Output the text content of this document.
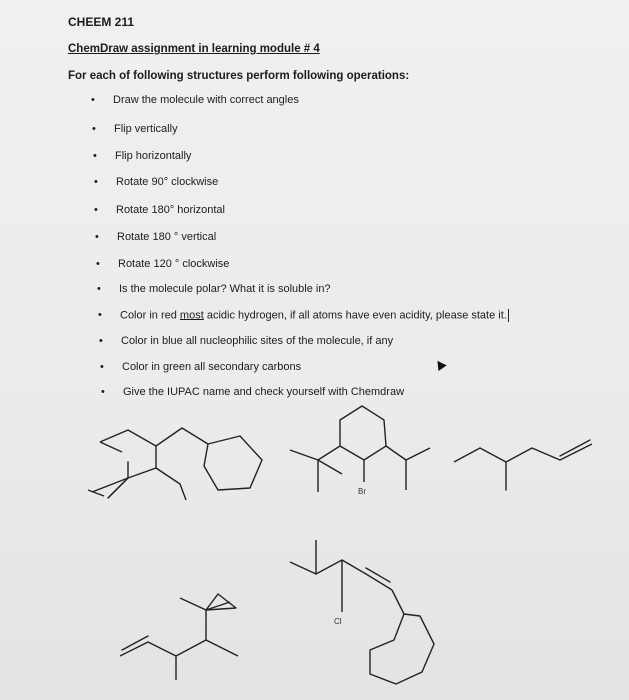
CHEEM 211
ChemDraw assignment in learning module # 4
For each of following structures perform following operations:
• Draw the molecule with correct angles
• Flip vertically
• Flip horizontally
• Rotate 90° clockwise
• Rotate 180° horizontal
• Rotate 180 ° vertical
• Rotate 120 ° clockwise
• Is the molecule polar? What it is soluble in?
• Color in red most acidic hydrogen, if all atoms have even acidity, please state it.
• Color in blue all nucleophilic sites of the molecule, if any
• Color in green all secondary carbons
• Give the IUPAC name and check yourself with Chemdraw
Br
Cl
